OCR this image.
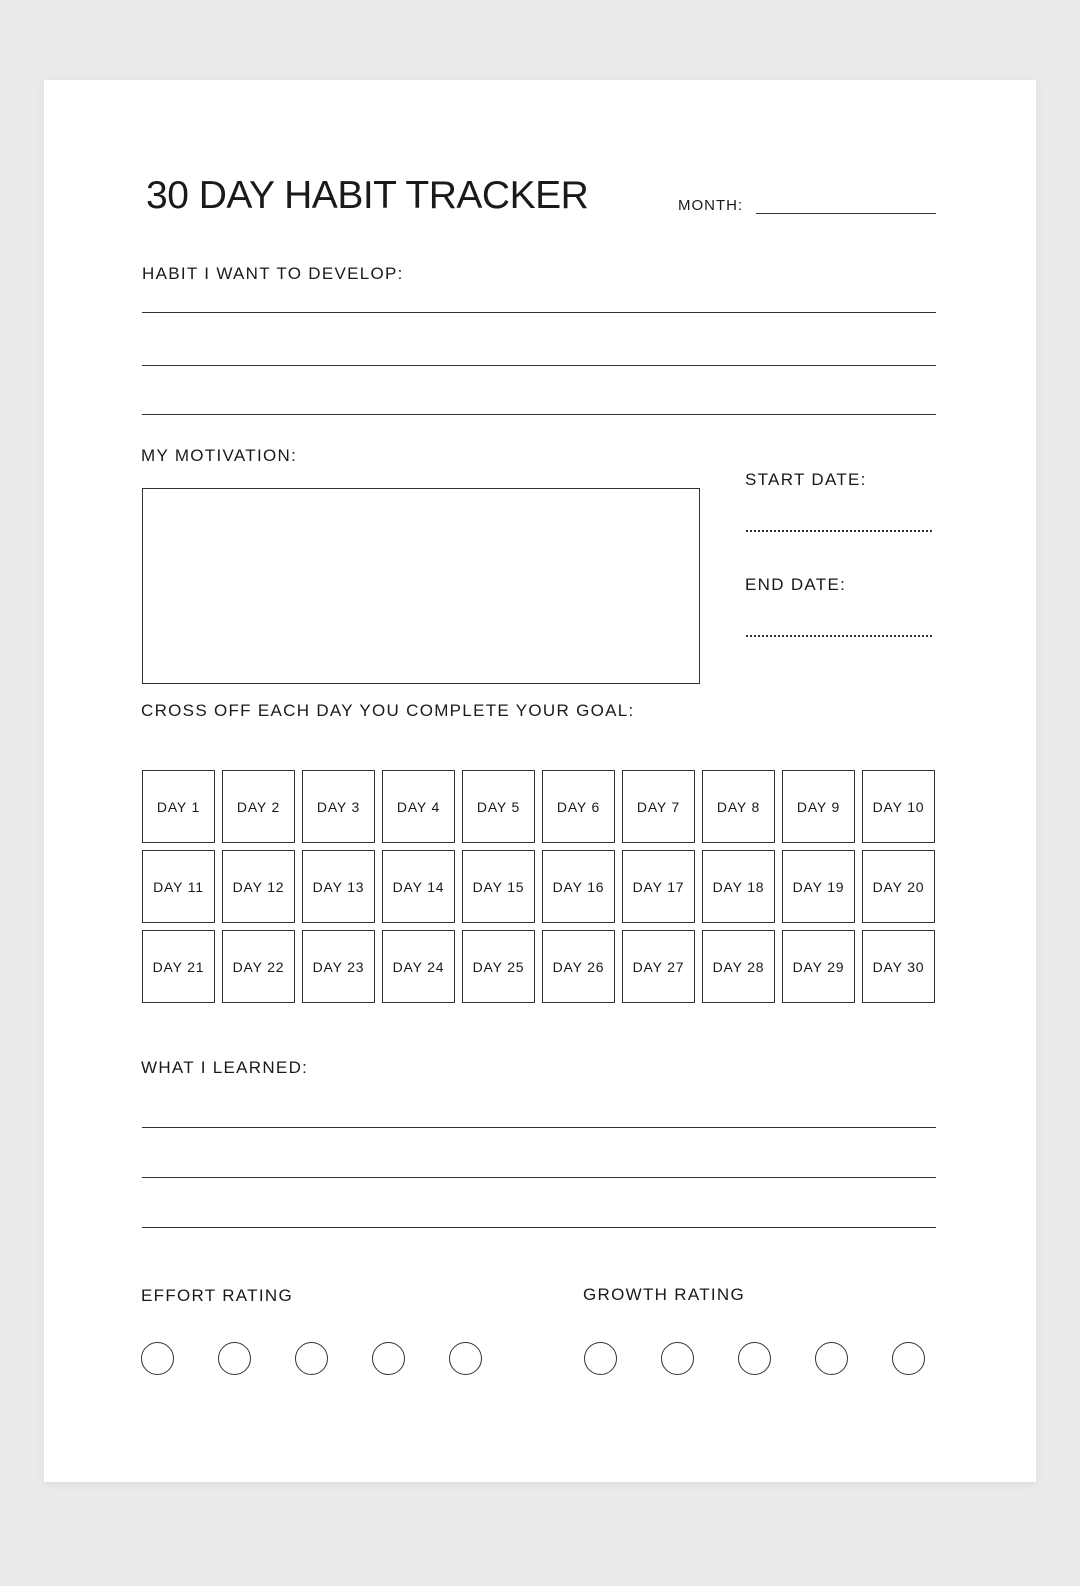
30 DAY HABIT TRACKER	MONTH:
HABIT I WANT TO DEVELOP:
MY MOTIVATION:
START DATE:
END DATE:
CROSS OFF EACH DAY YOU COMPLETE YOUR GOAL:
DAY 1	DAY 2	DAY 3	DAY 4	DAY 5	DAY 6	DAY 7	DAY 8	DAY 9	DAY 10
DAY 11	DAY 12	DAY 13	DAY 14	DAY 15	DAY 16	DAY 17	DAY 18	DAY 19	DAY 20
DAY 21	DAY 22	DAY 23	DAY 24	DAY 25	DAY 26	DAY 27	DAY 28	DAY 29	DAY 30
WHAT I LEARNED:
EFFORT RATING	GROWTH RATING
